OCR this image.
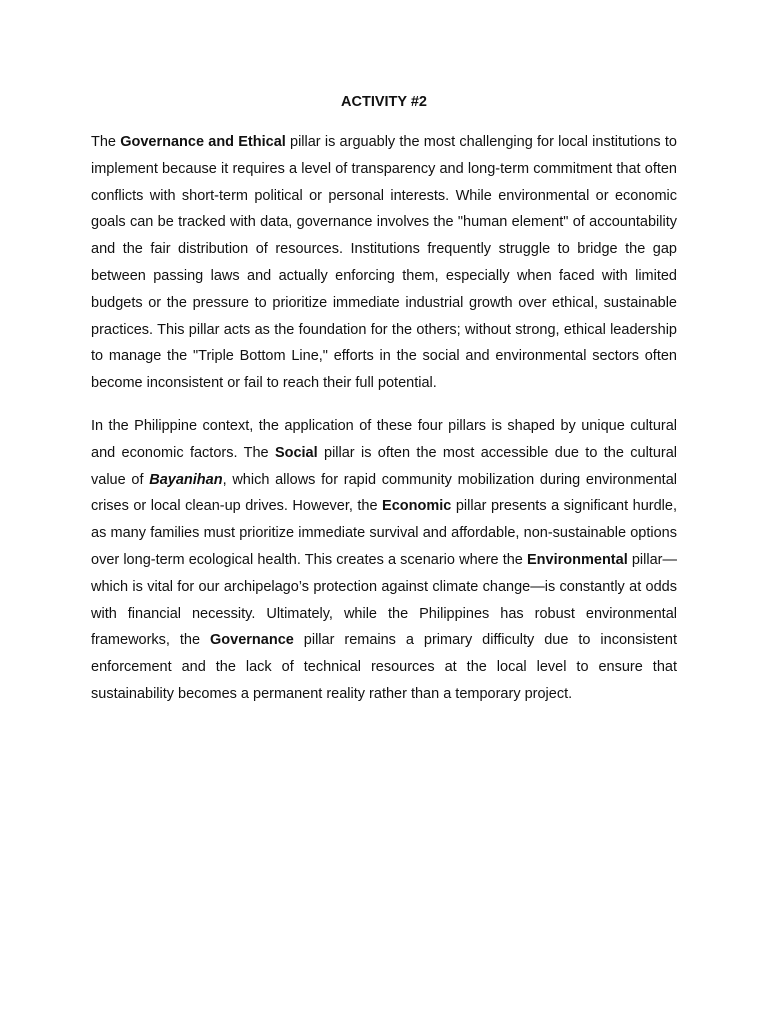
ACTIVITY #2

The Governance and Ethical pillar is arguably the most challenging for local institutions to implement because it requires a level of transparency and long-term commitment that often conflicts with short-term political or personal interests. While environmental or economic goals can be tracked with data, governance involves the "human element" of accountability and the fair distribution of resources. Institutions frequently struggle to bridge the gap between passing laws and actually enforcing them, especially when faced with limited budgets or the pressure to prioritize immediate industrial growth over ethical, sustainable practices. This pillar acts as the foundation for the others; without strong, ethical leadership to manage the "Triple Bottom Line," efforts in the social and environmental sectors often become inconsistent or fail to reach their full potential.

In the Philippine context, the application of these four pillars is shaped by unique cultural and economic factors. The Social pillar is often the most accessible due to the cultural value of Bayanihan, which allows for rapid community mobilization during environmental crises or local clean-up drives. However, the Economic pillar presents a significant hurdle, as many families must prioritize immediate survival and affordable, non-sustainable options over long-term ecological health. This creates a scenario where the Environmental pillar—which is vital for our archipelago’s protection against climate change—is constantly at odds with financial necessity. Ultimately, while the Philippines has robust environmental frameworks, the Governance pillar remains a primary difficulty due to inconsistent enforcement and the lack of technical resources at the local level to ensure that sustainability becomes a permanent reality rather than a temporary project.
